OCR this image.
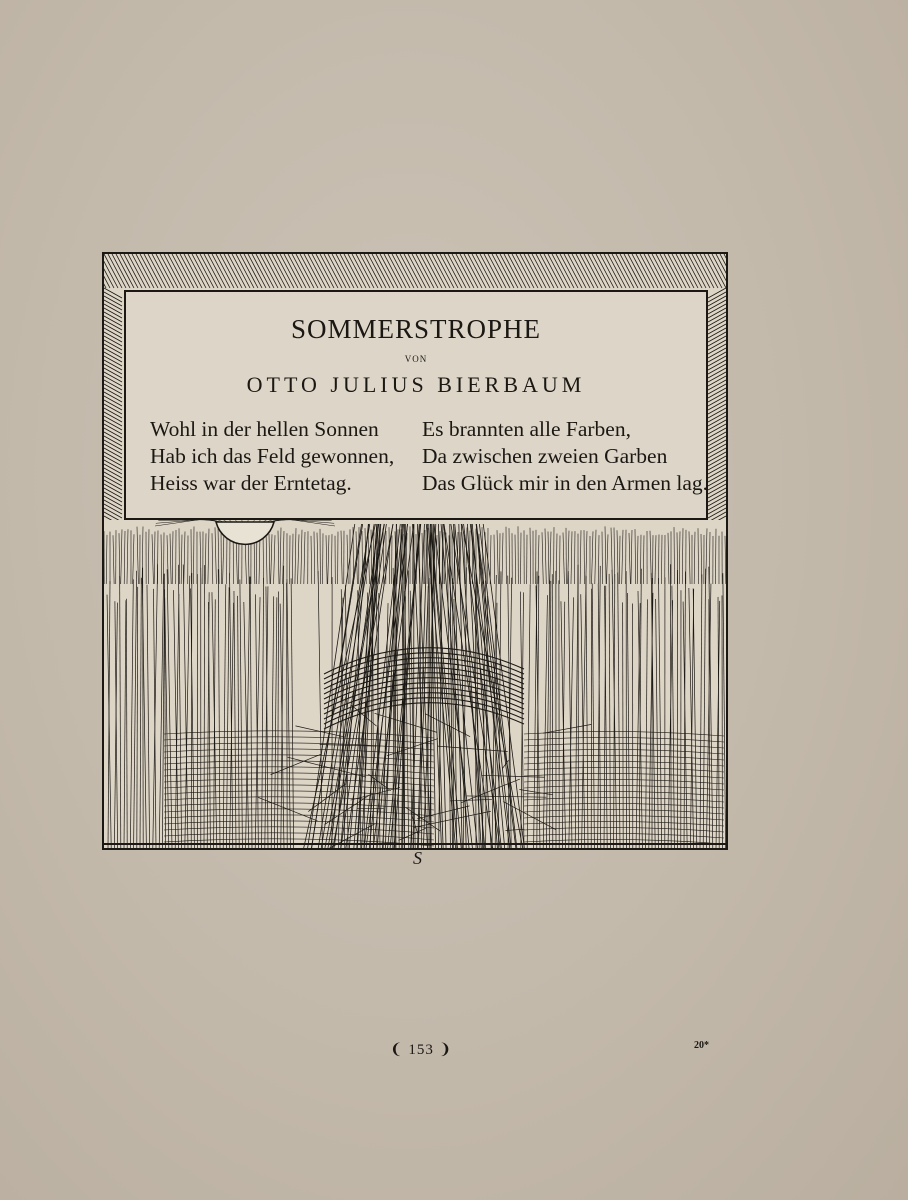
SOMMERSTROPHE
VON
OTTO JULIUS BIERBAUM
Wohl in der hellen Sonnen
Hab ich das Feld gewonnen,
Heiss war der Erntetag.
Es brannten alle Farben,
Da zwischen zweien Garben
Das Glück mir in den Armen lag.
S
❨ 153 ❩	20*
